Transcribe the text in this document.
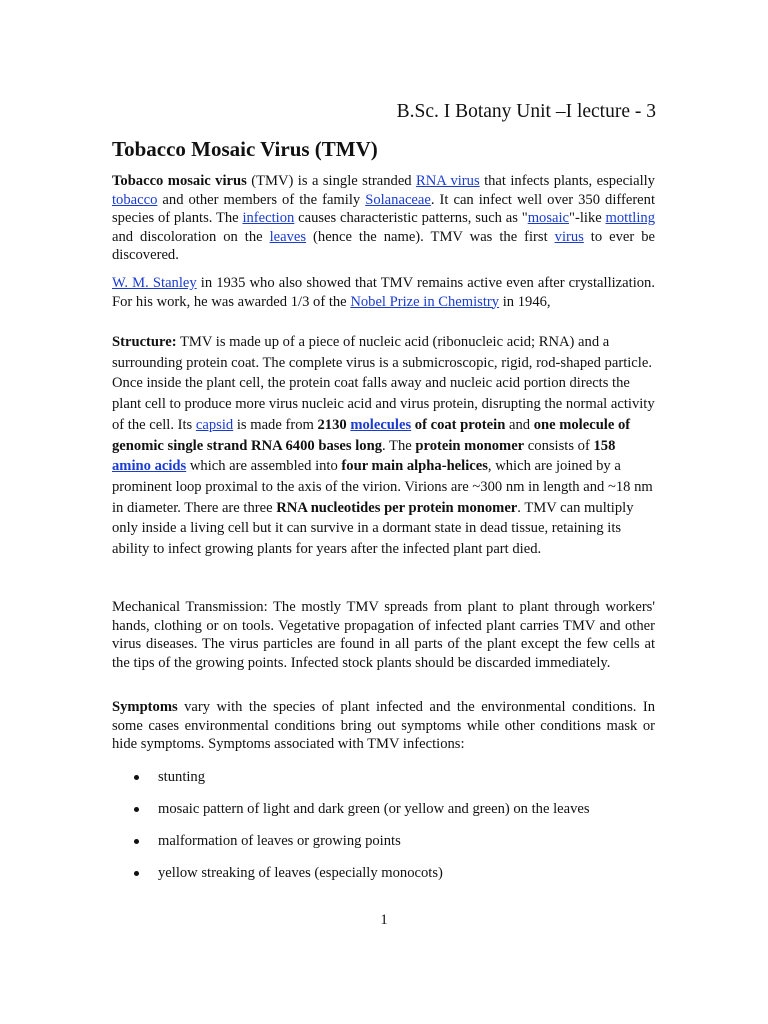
B.Sc. I Botany Unit –I lecture - 3
Tobacco Mosaic Virus (TMV)

Tobacco mosaic virus (TMV) is a single stranded RNA virus that infects plants, especially tobacco and other members of the family Solanaceae. It can infect well over 350 different species of plants. The infection causes characteristic patterns, such as "mosaic"-like mottling and discoloration on the leaves (hence the name). TMV was the first virus to ever be discovered.

W. M. Stanley in 1935 who also showed that TMV remains active even after crystallization. For his work, he was awarded 1/3 of the Nobel Prize in Chemistry in 1946,

Structure: TMV is made up of a piece of nucleic acid (ribonucleic acid; RNA) and a surrounding protein coat. The complete virus is a submicroscopic, rigid, rod-shaped particle. Once inside the plant cell, the protein coat falls away and nucleic acid portion directs the plant cell to produce more virus nucleic acid and virus protein, disrupting the normal activity of the cell. Its capsid is made from 2130 molecules of coat protein and one molecule of genomic single strand RNA 6400 bases long. The protein monomer consists of 158 amino acids which are assembled into four main alpha-helices, which are joined by a prominent loop proximal to the axis of the virion. Virions are ~300 nm in length and ~18 nm in diameter. There are three RNA nucleotides per protein monomer. TMV can multiply only inside a living cell but it can survive in a dormant state in dead tissue, retaining its ability to infect growing plants for years after the infected plant part died.

Mechanical Transmission: The mostly TMV spreads from plant to plant through workers' hands, clothing or on tools. Vegetative propagation of infected plant carries TMV and other virus diseases. The virus particles are found in all parts of the plant except the few cells at the tips of the growing points. Infected stock plants should be discarded immediately.

Symptoms vary with the species of plant infected and the environmental conditions. In some cases environmental conditions bring out symptoms while other conditions mask or hide symptoms. Symptoms associated with TMV infections:

stunting
mosaic pattern of light and dark green (or yellow and green) on the leaves
malformation of leaves or growing points
yellow streaking of leaves (especially monocots)
1
